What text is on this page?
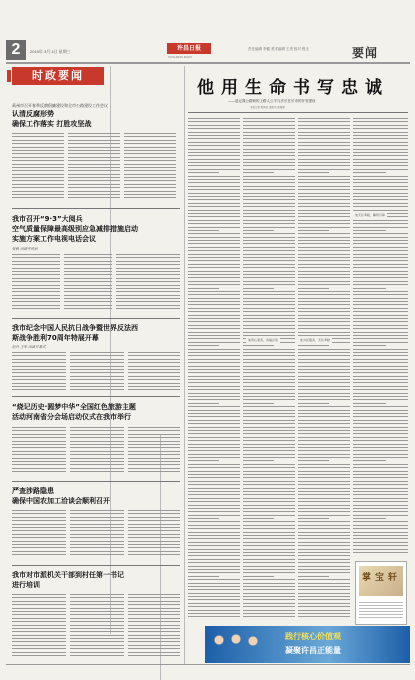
2	2015年 3月 4日 星期三	许昌日报
XUCHANG DAILY
责任编辑 李健 美术编辑 王美 校对 程玉	要闻
时政要闻
禹州市召开春季反腐倡廉建设和全市公路建设工作会议
认清反腐形势
确保工作落实 打胜攻坚战
我市召开“9·3”大阅兵
空气质量保障最高级别应急减排措施启动
实施方案工作电视电话会议
张毅 出席并讲话
我市纪念中国人民抗日战争暨世界反法西
斯战争胜利70周年特展开幕
赵丹 王军 出席开幕式
“烧记历史·圆梦中华”全国红色旅游主题
活动河南省分会场启动仪式在我市举行
严查涉路隐患
确保中国农加工洽谈会顺利召开
我市对市派机关干部到村任第一书记
进行培训
他用生命书写忠诚
——追记我公路职的上路人公平与法长在长市的开发建设
本报记者 郭鸿业 通讯员 张春雷
他用心谋务，造福乡里	他为民服务，无私奉献
他无私奉献，鞠躬尽瘁
掌 宝 轩
践行核心价值观
凝聚许昌正能量
